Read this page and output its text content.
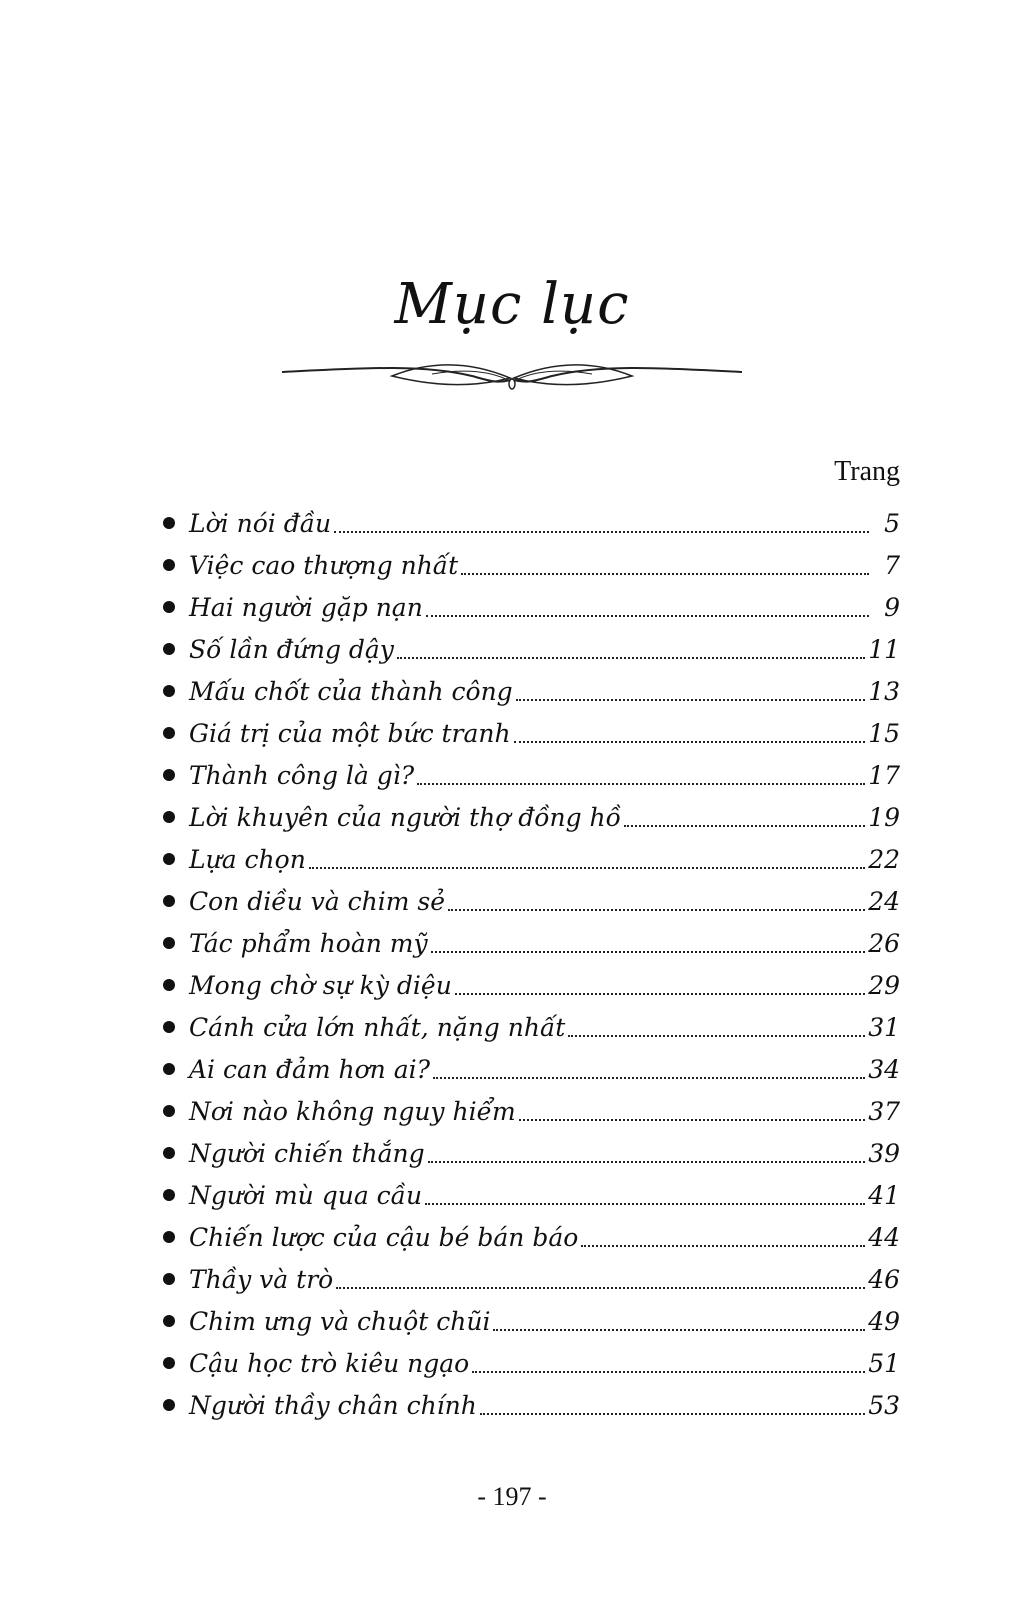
Mục lục
Trang
Lời nói đầu	5
Việc cao thượng nhất	7
Hai người gặp nạn	9
Số lần đứng dậy	11
Mấu chốt của thành công	13
Giá trị của một bức tranh	15
Thành công là gì?	17
Lời khuyên của người thợ đồng hồ	19
Lựa chọn	22
Con diều và chim sẻ	24
Tác phẩm hoàn mỹ	26
Mong chờ sự kỳ diệu	29
Cánh cửa lớn nhất, nặng nhất	31
Ai can đảm hơn ai?	34
Nơi nào không nguy hiểm	37
Người chiến thắng	39
Người mù qua cầu	41
Chiến lược của cậu bé bán báo	44
Thầy và trò	46
Chim ưng và chuột chũi	49
Cậu học trò kiêu ngạo	51
Người thầy chân chính	53
- 197 -
